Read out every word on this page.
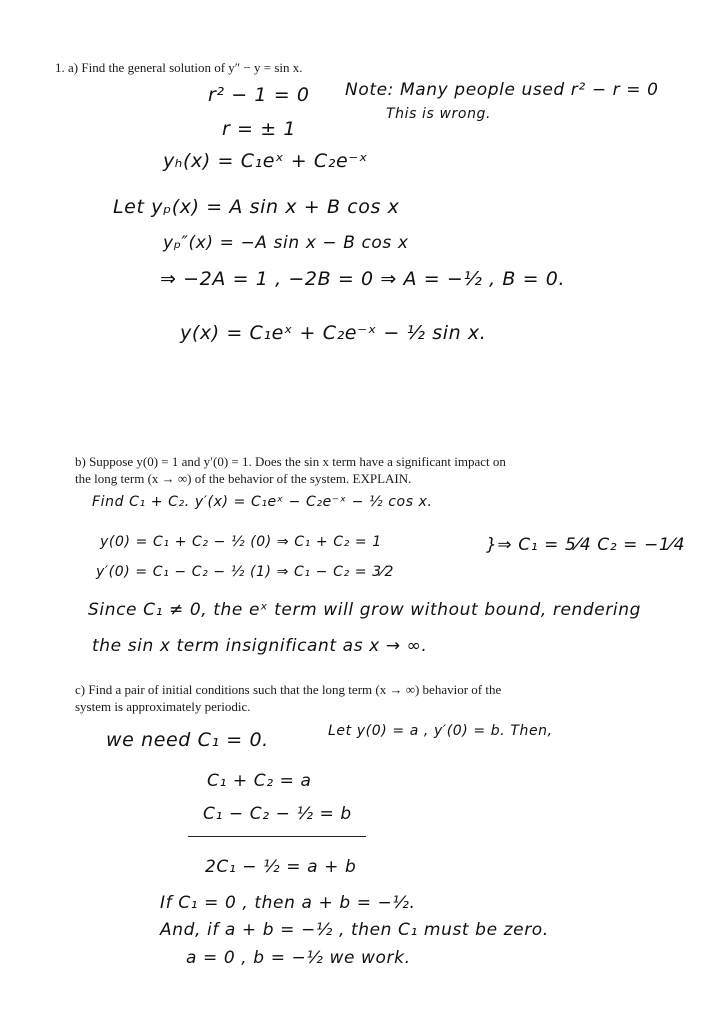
1. a) Find the general solution of y″ − y = sin x.
r² − 1 = 0 Note: Many people used r² − r = 0
This is wrong.
r = ± 1
yₕ(x) = C₁eˣ + C₂e⁻ˣ
Let yₚ(x) = A sin x + B cos x
yₚ″(x) = −A sin x − B cos x
⇒ −2A = 1 , −2B = 0 ⇒ A = −½ , B = 0.
y(x) = C₁eˣ + C₂e⁻ˣ − ½ sin x.
b) Suppose y(0) = 1 and y′(0) = 1. Does the sin x term have a significant impact on
the long term (x → ∞) of the behavior of the system. EXPLAIN.
Find C₁ + C₂. y′(x) = C₁eˣ − C₂e⁻ˣ − ½ cos x.
y(0) = C₁ + C₂ − ½ (0) ⇒ C₁ + C₂ = 1
y′(0) = C₁ − C₂ − ½ (1) ⇒ C₁ − C₂ = 3⁄2
}⇒ C₁ = 5⁄4 C₂ = −1⁄4
Since C₁ ≠ 0, the eˣ term will grow without bound, rendering
the sin x term insignificant as x → ∞.
c) Find a pair of initial conditions such that the long term (x → ∞) behavior of the
system is approximately periodic.
we need C₁ = 0.	Let y(0) = a , y′(0) = b. Then,
C₁ + C₂ = a
C₁ − C₂ − ½ = b
2C₁ − ½ = a + b
If C₁ = 0 , then a + b = −½.
And, if a + b = −½ , then C₁ must be zero.
a = 0 , b = −½ we work.
